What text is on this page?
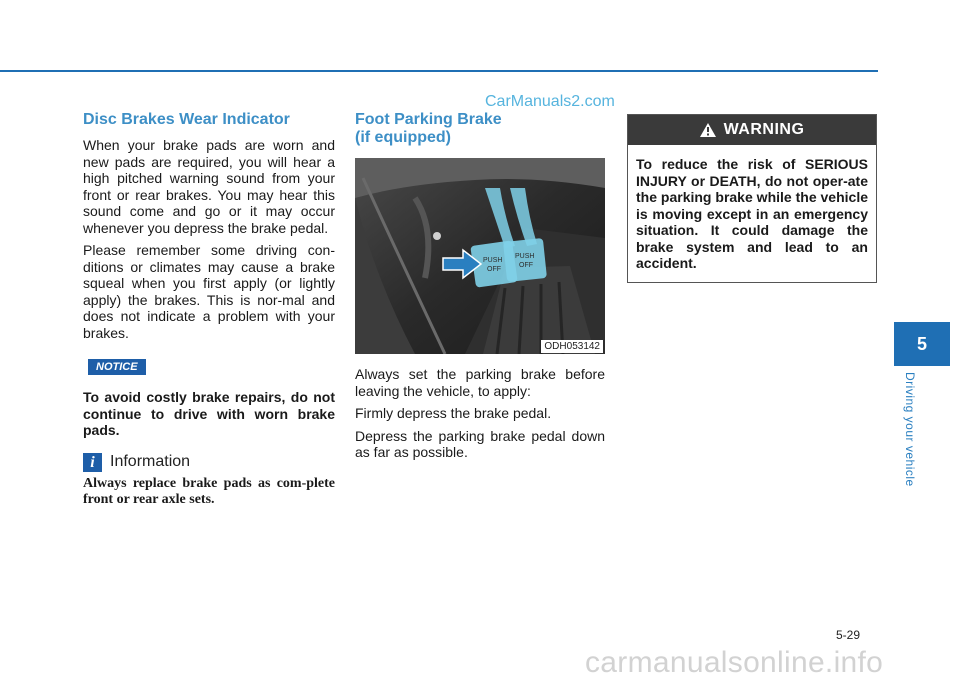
CarManuals2.com
Disc Brakes Wear Indicator

When your brake pads are worn and new pads are required, you will hear a high pitched warning sound from your front or rear brakes. You may hear this sound come and go or it may occur whenever you depress the brake pedal.

Please remember some driving con-ditions or climates may cause a brake squeal when you first apply (or lightly apply) the brakes. This is nor-mal and does not indicate a problem with your brakes.

NOTICE

To avoid costly brake repairs, do not continue to drive with worn brake pads.

i Information

Always replace brake pads as com-plete front or rear axle sets.

Foot Parking Brake
(if equipped)
PUSH
OFF
PUSH
OFF
ODH053142

Always set the parking brake before leaving the vehicle, to apply:

Firmly depress the brake pedal.

Depress the parking brake pedal down as far as possible.

WARNING

To reduce the risk of SERIOUS INJURY or DEATH, do not oper-ate the parking brake while the vehicle is moving except in an emergency situation. It could damage the brake system and lead to an accident.

5
Driving your vehicle
5-29
carmanualsonline.info
